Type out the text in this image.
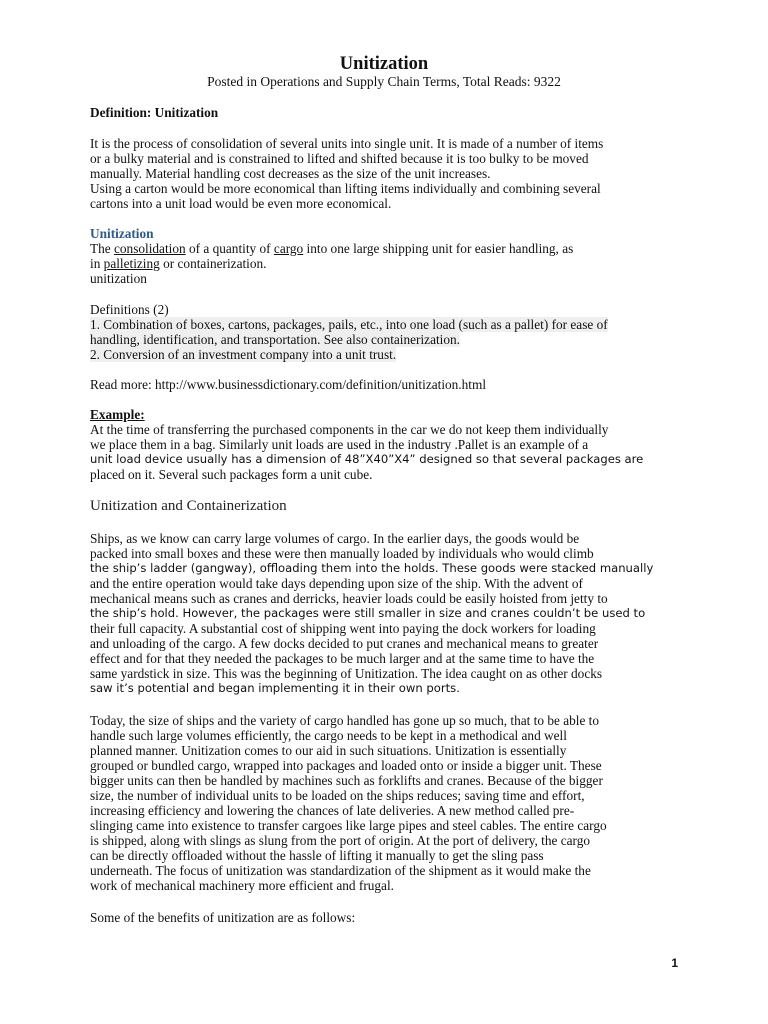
Unitization
Posted in Operations and Supply Chain Terms, Total Reads: 9322
Definition: Unitization
It is the process of consolidation of several units into single unit. It is made of a number of items
or a bulky material and is constrained to lifted and shifted because it is too bulky to be moved
manually. Material handling cost decreases as the size of the unit increases.
Using a carton would be more economical than lifting items individually and combining several
cartons into a unit load would be even more economical.
Unitization
The consolidation of a quantity of cargo into one large shipping unit for easier handling, as
in palletizing or containerization.
unitization
Definitions (2)
1. Combination of boxes, cartons, packages, pails, etc., into one load (such as a pallet) for ease of
handling, identification, and transportation. See also containerization.
2. Conversion of an investment company into a unit trust.
Read more: http://www.businessdictionary.com/definition/unitization.html
Example:
At the time of transferring the purchased components in the car we do not keep them individually
we place them in a bag. Similarly unit loads are used in the industry .Pallet is an example of a
unit load device usually has a dimension of 48”X40”X4” designed so that several packages are
placed on it. Several such packages form a unit cube.
Unitization and Containerization
Ships, as we know can carry large volumes of cargo. In the earlier days, the goods would be
packed into small boxes and these were then manually loaded by individuals who would climb
the ship’s ladder (gangway), offloading them into the holds. These goods were stacked manually
and the entire operation would take days depending upon size of the ship. With the advent of
mechanical means such as cranes and derricks, heavier loads could be easily hoisted from jetty to
the ship’s hold. However, the packages were still smaller in size and cranes couldn’t be used to
their full capacity. A substantial cost of shipping went into paying the dock workers for loading
and unloading of the cargo. A few docks decided to put cranes and mechanical means to greater
effect and for that they needed the packages to be much larger and at the same time to have the
same yardstick in size. This was the beginning of Unitization. The idea caught on as other docks
saw it’s potential and began implementing it in their own ports.
Today, the size of ships and the variety of cargo handled has gone up so much, that to be able to
handle such large volumes efficiently, the cargo needs to be kept in a methodical and well
planned manner. Unitization comes to our aid in such situations. Unitization is essentially
grouped or bundled cargo, wrapped into packages and loaded onto or inside a bigger unit. These
bigger units can then be handled by machines such as forklifts and cranes. Because of the bigger
size, the number of individual units to be loaded on the ships reduces; saving time and effort,
increasing efficiency and lowering the chances of late deliveries. A new method called pre-
slinging came into existence to transfer cargoes like large pipes and steel cables. The entire cargo
is shipped, along with slings as slung from the port of origin. At the port of delivery, the cargo
can be directly offloaded without the hassle of lifting it manually to get the sling pass
underneath. The focus of unitization was standardization of the shipment as it would make the
work of mechanical machinery more efficient and frugal.
Some of the benefits of unitization are as follows:
1
